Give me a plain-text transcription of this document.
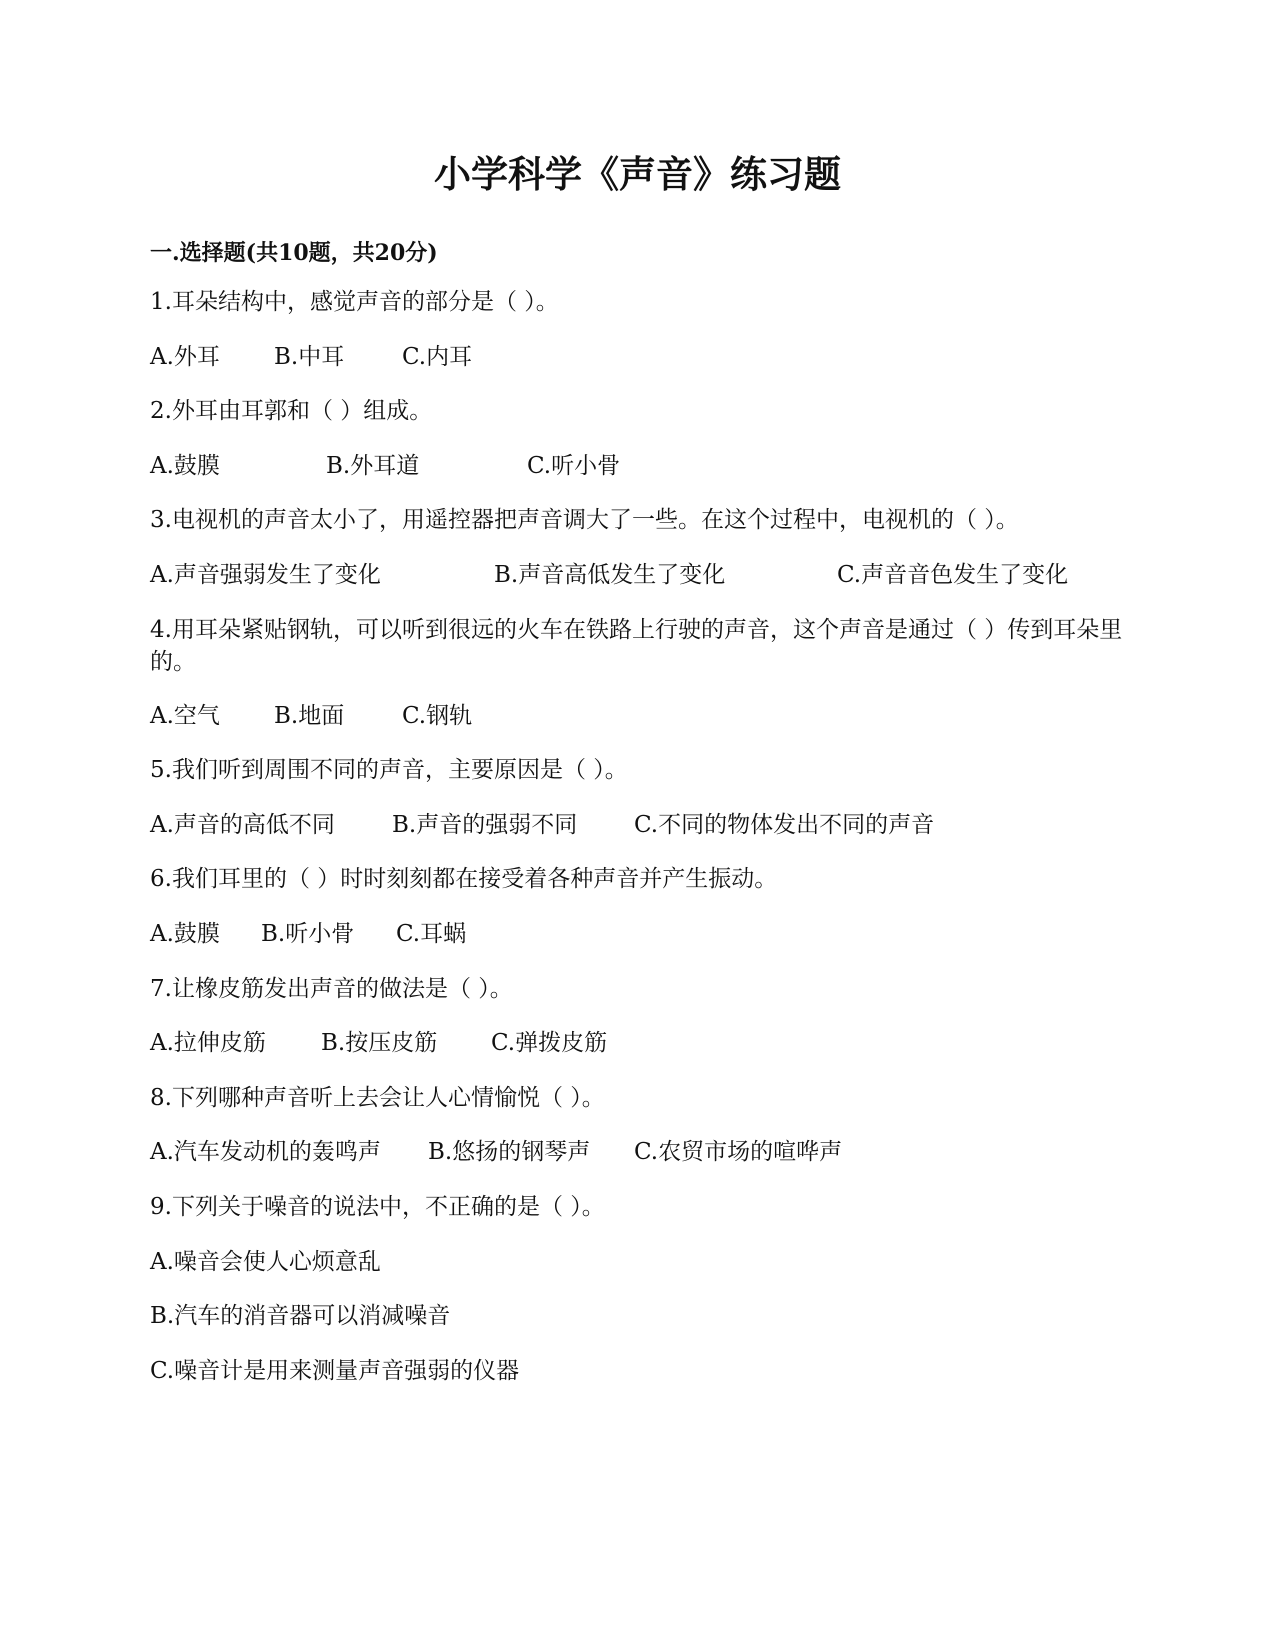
小学科学《声音》练习题
一.选择题(共10题，共20分)
1.耳朵结构中，感觉声音的部分是（ ）。
A.外耳 B.中耳	C.内耳
2.外耳由耳郭和（ ）组成。
A.鼓膜	B.外耳道	C.听小骨
3.电视机的声音太小了，用遥控器把声音调大了一些。在这个过程中，电视机的（ ）。
A.声音强弱发生了变化	B.声音高低发生了变化	C.声音音色发生了变化
4.用耳朵紧贴钢轨，可以听到很远的火车在铁路上行驶的声音，这个声音是通过（ ）传到耳朵里的。
A.空气 B.地面	C.钢轨
5.我们听到周围不同的声音，主要原因是（ ）。
A.声音的高低不同 B.声音的强弱不同 C.不同的物体发出不同的声音
6.我们耳里的（ ）时时刻刻都在接受着各种声音并产生振动。
A.鼓膜 B.听小骨 C.耳蜗
7.让橡皮筋发出声音的做法是（ ）。
A.拉伸皮筋 B.按压皮筋 C.弹拨皮筋
8.下列哪种声音听上去会让人心情愉悦（ ）。
A.汽车发动机的轰鸣声 B.悠扬的钢琴声 C.农贸市场的喧哗声
9.下列关于噪音的说法中，不正确的是（ ）。
A.噪音会使人心烦意乱
B.汽车的消音器可以消减噪音
C.噪音计是用来测量声音强弱的仪器
